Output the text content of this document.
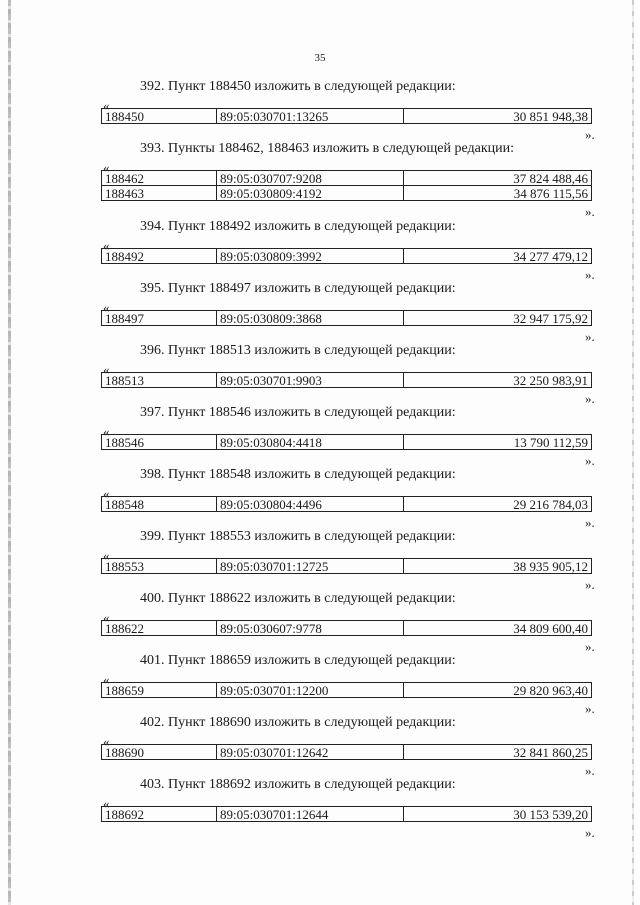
35
392. Пункт 188450 изложить в следующей редакции:
«
188450	89:05:030701:13265	30 851 948,38
».
393. Пункты 188462, 188463 изложить в следующей редакции:
«
188462	89:05:030707:9208	37 824 488,46
188463	89:05:030809:4192	34 876 115,56
».
394. Пункт 188492 изложить в следующей редакции:
«
188492	89:05:030809:3992	34 277 479,12
».
395. Пункт 188497 изложить в следующей редакции:
«
188497	89:05:030809:3868	32 947 175,92
».
396. Пункт 188513 изложить в следующей редакции:
«
188513	89:05:030701:9903	32 250 983,91
».
397. Пункт 188546 изложить в следующей редакции:
«
188546	89:05:030804:4418	13 790 112,59
».
398. Пункт 188548 изложить в следующей редакции:
«
188548	89:05:030804:4496	29 216 784,03
».
399. Пункт 188553 изложить в следующей редакции:
«
188553	89:05:030701:12725	38 935 905,12
».
400. Пункт 188622 изложить в следующей редакции:
«
188622	89:05:030607:9778	34 809 600,40
».
401. Пункт 188659 изложить в следующей редакции:
«
188659	89:05:030701:12200	29 820 963,40
».
402. Пункт 188690 изложить в следующей редакции:
«
188690	89:05:030701:12642	32 841 860,25
».
403. Пункт 188692 изложить в следующей редакции:
«
188692	89:05:030701:12644	30 153 539,20
».
